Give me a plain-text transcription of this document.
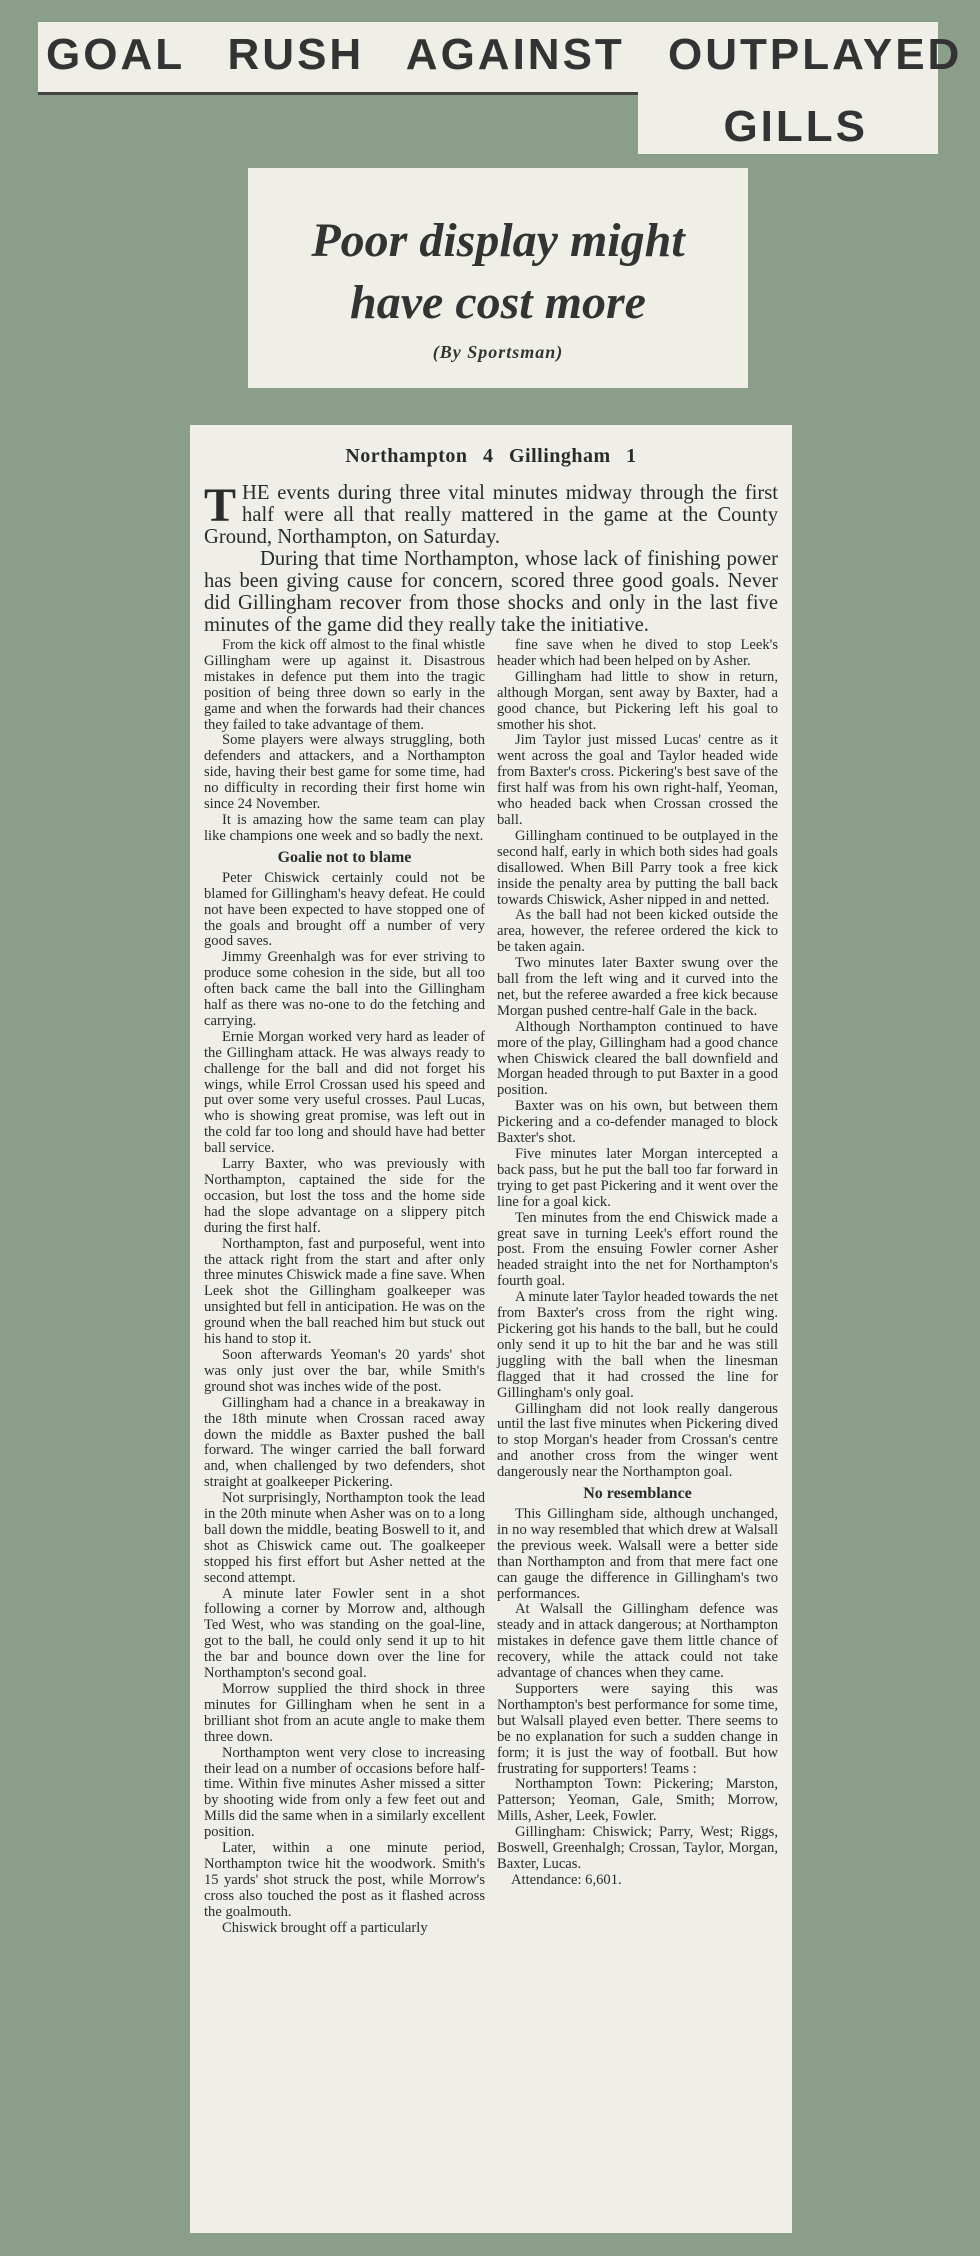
GOAL RUSH AGAINST OUTPLAYED
GILLS
Poor display might
have cost more
(By Sportsman)
Northampton 4 Gillingham 1

THE events during three vital minutes midway through the first half were all that really mattered in the game at the County Ground, Northampton, on Saturday.

During that time Northampton, whose lack of finishing power has been giving cause for concern, scored three good goals. Never did Gillingham recover from those shocks and only in the last five minutes of the game did they really take the initiative.

From the kick off almost to the final whistle Gillingham were up against it. Disastrous mistakes in defence put them into the tragic position of being three down so early in the game and when the forwards had their chances they failed to take advantage of them.

Some players were always struggling, both defenders and attackers, and a Northampton side, having their best game for some time, had no difficulty in recording their first home win since 24 November.

It is amazing how the same team can play like champions one week and so badly the next.

Goalie not to blame

Peter Chiswick certainly could not be blamed for Gillingham's heavy defeat. He could not have been expected to have stopped one of the goals and brought off a number of very good saves.

Jimmy Greenhalgh was for ever striving to produce some cohesion in the side, but all too often back came the ball into the Gillingham half as there was no-one to do the fetching and carrying.

Ernie Morgan worked very hard as leader of the Gillingham attack. He was always ready to challenge for the ball and did not forget his wings, while Errol Crossan used his speed and put over some very useful crosses. Paul Lucas, who is showing great promise, was left out in the cold far too long and should have had better ball service.

Larry Baxter, who was previously with Northampton, captained the side for the occasion, but lost the toss and the home side had the slope advantage on a slippery pitch during the first half.

Northampton, fast and purposeful, went into the attack right from the start and after only three minutes Chiswick made a fine save. When Leek shot the Gillingham goalkeeper was unsighted but fell in anticipation. He was on the ground when the ball reached him but stuck out his hand to stop it.

Soon afterwards Yeoman's 20 yards' shot was only just over the bar, while Smith's ground shot was inches wide of the post.

Gillingham had a chance in a breakaway in the 18th minute when Crossan raced away down the middle as Baxter pushed the ball forward. The winger carried the ball forward and, when challenged by two defenders, shot straight at goalkeeper Pickering.

Not surprisingly, Northampton took the lead in the 20th minute when Asher was on to a long ball down the middle, beating Boswell to it, and shot as Chiswick came out. The goalkeeper stopped his first effort but Asher netted at the second attempt.

A minute later Fowler sent in a shot following a corner by Morrow and, although Ted West, who was standing on the goal-line, got to the ball, he could only send it up to hit the bar and bounce down over the line for Northampton's second goal.

Morrow supplied the third shock in three minutes for Gillingham when he sent in a brilliant shot from an acute angle to make them three down.

Northampton went very close to increasing their lead on a number of occasions before half-time. Within five minutes Asher missed a sitter by shooting wide from only a few feet out and Mills did the same when in a similarly excellent position.

Later, within a one minute period, Northampton twice hit the woodwork. Smith's 15 yards' shot struck the post, while Morrow's cross also touched the post as it flashed across the goalmouth.

Chiswick brought off a particularly

fine save when he dived to stop Leek's header which had been helped on by Asher.

Gillingham had little to show in return, although Morgan, sent away by Baxter, had a good chance, but Pickering left his goal to smother his shot.

Jim Taylor just missed Lucas' centre as it went across the goal and Taylor headed wide from Baxter's cross. Pickering's best save of the first half was from his own right-half, Yeoman, who headed back when Crossan crossed the ball.

Gillingham continued to be outplayed in the second half, early in which both sides had goals disallowed. When Bill Parry took a free kick inside the penalty area by putting the ball back towards Chiswick, Asher nipped in and netted.

As the ball had not been kicked outside the area, however, the referee ordered the kick to be taken again.

Two minutes later Baxter swung over the ball from the left wing and it curved into the net, but the referee awarded a free kick because Morgan pushed centre-half Gale in the back.

Although Northampton continued to have more of the play, Gillingham had a good chance when Chiswick cleared the ball downfield and Morgan headed through to put Baxter in a good position.

Baxter was on his own, but between them Pickering and a co-defender managed to block Baxter's shot.

Five minutes later Morgan intercepted a back pass, but he put the ball too far forward in trying to get past Pickering and it went over the line for a goal kick.

Ten minutes from the end Chiswick made a great save in turning Leek's effort round the post. From the ensuing Fowler corner Asher headed straight into the net for Northampton's fourth goal.

A minute later Taylor headed towards the net from Baxter's cross from the right wing. Pickering got his hands to the ball, but he could only send it up to hit the bar and he was still juggling with the ball when the linesman flagged that it had crossed the line for Gillingham's only goal.

Gillingham did not look really dangerous until the last five minutes when Pickering dived to stop Morgan's header from Crossan's centre and another cross from the winger went dangerously near the Northampton goal.

No resemblance

This Gillingham side, although unchanged, in no way resembled that which drew at Walsall the previous week. Walsall were a better side than Northampton and from that mere fact one can gauge the difference in Gillingham's two performances.

At Walsall the Gillingham defence was steady and in attack dangerous; at Northampton mistakes in defence gave them little chance of recovery, while the attack could not take advantage of chances when they came.

Supporters were saying this was Northampton's best performance for some time, but Walsall played even better. There seems to be no explanation for such a sudden change in form; it is just the way of football. But how frustrating for supporters! Teams :

Northampton Town: Pickering; Marston, Patterson; Yeoman, Gale, Smith; Morrow, Mills, Asher, Leek, Fowler.

Gillingham: Chiswick; Parry, West; Riggs, Boswell, Greenhalgh; Crossan, Taylor, Morgan, Baxter, Lucas.

Attendance: 6,601.
